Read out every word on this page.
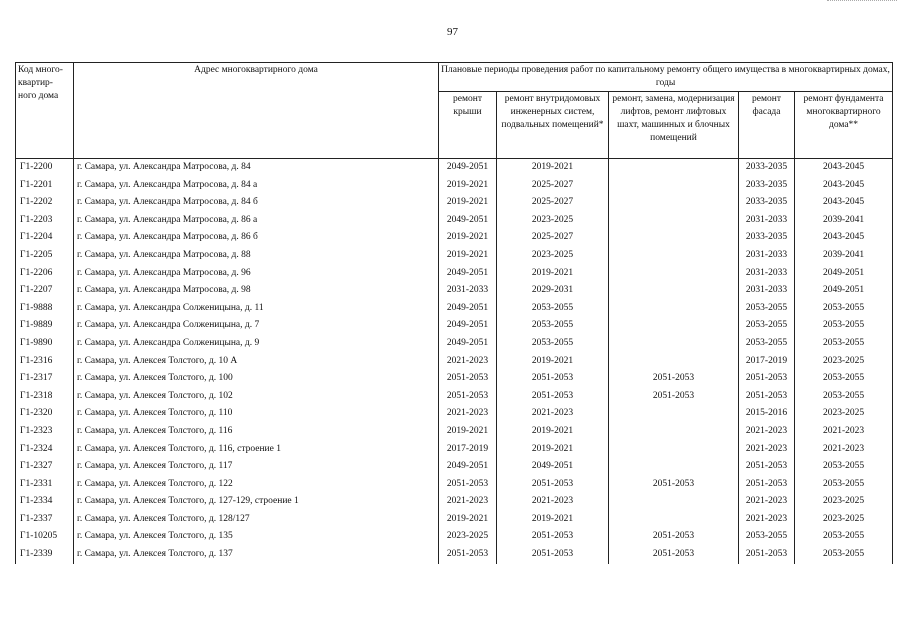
97
Код много-квартир-ного дома	Адрес многоквартирного дома	Плановые периоды проведения работ по капитальному ремонту общего имущества в многоквартирных домах, годы				
		ремонт крыши	ремонт внутридомовых инженерных систем, подвальных помещений*	ремонт, замена, модернизация лифтов, ремонт лифтовых шахт, машинных и блочных помещений	ремонт фасада	ремонт фундамента многоквартирного дома**
Г1-2200	г. Самара, ул. Александра Матросова, д. 84	2049-2051	2019-2021		2033-2035	2043-2045
Г1-2201	г. Самара, ул. Александра Матросова, д. 84 а	2019-2021	2025-2027		2033-2035	2043-2045
Г1-2202	г. Самара, ул. Александра Матросова, д. 84 б	2019-2021	2025-2027		2033-2035	2043-2045
Г1-2203	г. Самара, ул. Александра Матросова, д. 86 а	2049-2051	2023-2025		2031-2033	2039-2041
Г1-2204	г. Самара, ул. Александра Матросова, д. 86 б	2019-2021	2025-2027		2033-2035	2043-2045
Г1-2205	г. Самара, ул. Александра Матросова, д. 88	2019-2021	2023-2025		2031-2033	2039-2041
Г1-2206	г. Самара, ул. Александра Матросова, д. 96	2049-2051	2019-2021		2031-2033	2049-2051
Г1-2207	г. Самара, ул. Александра Матросова, д. 98	2031-2033	2029-2031		2031-2033	2049-2051
Г1-9888	г. Самара, ул. Александра Солженицына, д. 11	2049-2051	2053-2055		2053-2055	2053-2055
Г1-9889	г. Самара, ул. Александра Солженицына, д. 7	2049-2051	2053-2055		2053-2055	2053-2055
Г1-9890	г. Самара, ул. Александра Солженицына, д. 9	2049-2051	2053-2055		2053-2055	2053-2055
Г1-2316	г. Самара, ул. Алексея Толстого, д. 10 А	2021-2023	2019-2021		2017-2019	2023-2025
Г1-2317	г. Самара, ул. Алексея Толстого, д. 100	2051-2053	2051-2053	2051-2053	2051-2053	2053-2055
Г1-2318	г. Самара, ул. Алексея Толстого, д. 102	2051-2053	2051-2053	2051-2053	2051-2053	2053-2055
Г1-2320	г. Самара, ул. Алексея Толстого, д. 110	2021-2023	2021-2023		2015-2016	2023-2025
Г1-2323	г. Самара, ул. Алексея Толстого, д. 116	2019-2021	2019-2021		2021-2023	2021-2023
Г1-2324	г. Самара, ул. Алексея Толстого, д. 116, строение 1	2017-2019	2019-2021		2021-2023	2021-2023
Г1-2327	г. Самара, ул. Алексея Толстого, д. 117	2049-2051	2049-2051		2051-2053	2053-2055
Г1-2331	г. Самара, ул. Алексея Толстого, д. 122	2051-2053	2051-2053	2051-2053	2051-2053	2053-2055
Г1-2334	г. Самара, ул. Алексея Толстого, д. 127-129, строение 1	2021-2023	2021-2023		2021-2023	2023-2025
Г1-2337	г. Самара, ул. Алексея Толстого, д. 128/127	2019-2021	2019-2021		2021-2023	2023-2025
Г1-10205	г. Самара, ул. Алексея Толстого, д. 135	2023-2025	2051-2053	2051-2053	2053-2055	2053-2055
Г1-2339	г. Самара, ул. Алексея Толстого, д. 137	2051-2053	2051-2053	2051-2053	2051-2053	2053-2055
